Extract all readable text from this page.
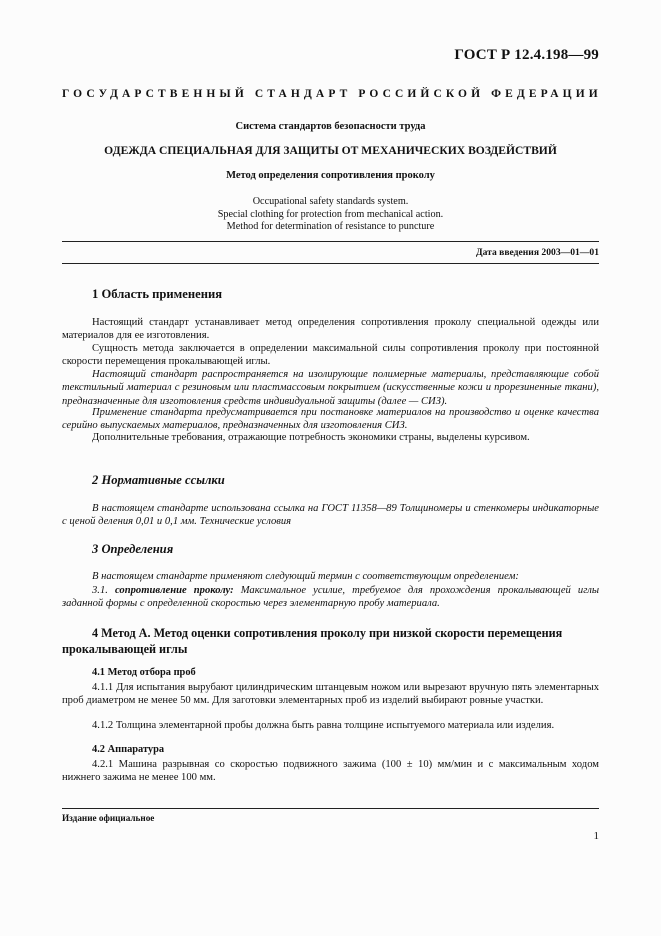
ГОСТ Р 12.4.198—99
ГОСУДАРСТВЕННЫЙ СТАНДАРТ РОССИЙСКОЙ ФЕДЕРАЦИИ
Система стандартов безопасности труда
ОДЕЖДА СПЕЦИАЛЬНАЯ ДЛЯ ЗАЩИТЫ ОТ МЕХАНИЧЕСКИХ ВОЗДЕЙСТВИЙ
Метод определения сопротивления проколу
Occupational safety standards system.
Special clothing for protection from mechanical action.
Method for determination of resistance to puncture
Дата введения 2003—01—01
1 Область применения
Настоящий стандарт устанавливает метод определения сопротивления проколу специальной одежды или материалов для ее изготовления.
Сущность метода заключается в определении максимальной силы сопротивления проколу при постоянной скорости перемещения прокалывающей иглы.
Настоящий стандарт распространяется на изолирующие полимерные материалы, представляющие собой текстильный материал с резиновым или пластмассовым покрытием (искусственные кожи и прорезиненные ткани), предназначенные для изготовления средств индивидуальной защиты (далее — СИЗ).
Применение стандарта предусматривается при постановке материалов на производство и оценке качества серийно выпускаемых материалов, предназначенных для изготовления СИЗ.
Дополнительные требования, отражающие потребность экономики страны, выделены курсивом.
2 Нормативные ссылки
В настоящем стандарте использована ссылка на ГОСТ 11358—89 Толщиномеры и стенкомеры индикаторные с ценой деления 0,01 и 0,1 мм. Технические условия
3 Определения
В настоящем стандарте применяют следующий термин с соответствующим определением:
3.1. сопротивление проколу: Максимальное усилие, требуемое для прохождения прокалывающей иглы заданной формы с определенной скоростью через элементарную пробу материала.
4 Метод А. Метод оценки сопротивления проколу при низкой скорости перемещения прокалывающей иглы
4.1 Метод отбора проб
4.1.1 Для испытания вырубают цилиндрическим штанцевым ножом или вырезают вручную пять элементарных проб диаметром не менее 50 мм. Для заготовки элементарных проб из изделий выбирают ровные участки.
4.1.2 Толщина элементарной пробы должна быть равна толщине испытуемого материала или изделия.
4.2 Аппаратура
4.2.1 Машина разрывная со скоростью подвижного зажима (100 ± 10) мм/мин и с максимальным ходом нижнего зажима не менее 100 мм.
Издание официальное
1
